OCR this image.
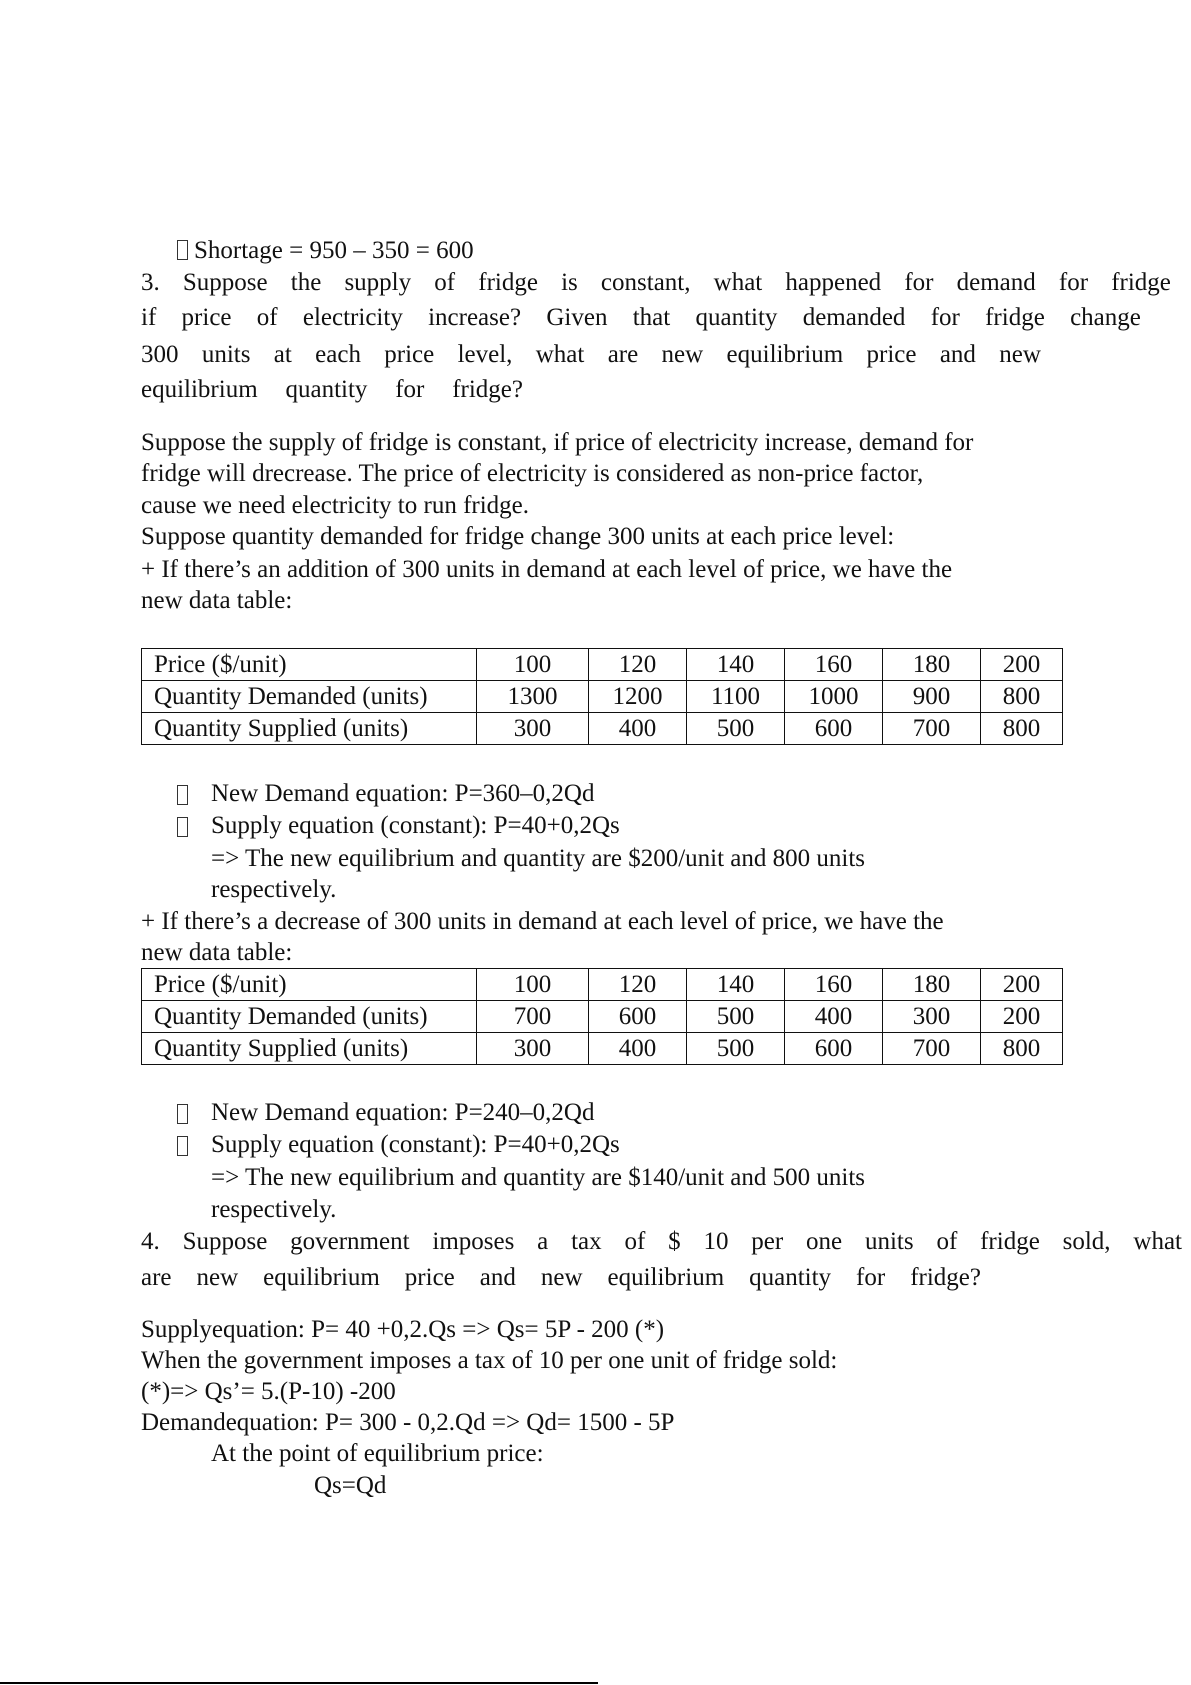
Shortage = 950 – 350 = 600
3. Suppose the supply of fridge is constant, what happened for demand for fridge
if price of electricity increase? Given that quantity demanded for fridge change
300 units at each price level, what are new equilibrium price and new
equilibrium quantity for fridge?
Suppose the supply of fridge is constant, if price of electricity increase, demand for
fridge will drecrease. The price of electricity is considered as non-price factor,
cause we need electricity to run fridge.
Suppose quantity demanded for fridge change 300 units at each price level:
+ If there’s an addition of 300 units in demand at each level of price, we have the
new data table:
Price ($/unit)	100	120	140	160	180	200
Quantity Demanded (units)	1300	1200	1100	1000	900	800
Quantity Supplied (units)	300	400	500	600	700	800
New Demand equation: P=360–0,2Qd
Supply equation (constant): P=40+0,2Qs
=> The new equilibrium and quantity are $200/unit and 800 units
respectively.
+ If there’s a decrease of 300 units in demand at each level of price, we have the
new data table:
Price ($/unit)	100	120	140	160	180	200
Quantity Demanded (units)	700	600	500	400	300	200
Quantity Supplied (units)	300	400	500	600	700	800
New Demand equation: P=240–0,2Qd
Supply equation (constant): P=40+0,2Qs
=> The new equilibrium and quantity are $140/unit and 500 units
respectively.
4. Suppose government imposes a tax of $ 10 per one units of fridge sold, what
are new equilibrium price and new equilibrium quantity for fridge?
Supplyequation: P= 40 +0,2.Qs => Qs= 5P - 200 (*)
When the government imposes a tax of 10 per one unit of fridge sold:
(*)=> Qs’= 5.(P-10) -200
Demandequation: P= 300 - 0,2.Qd => Qd= 1500 - 5P
At the point of equilibrium price:
Qs=Qd
